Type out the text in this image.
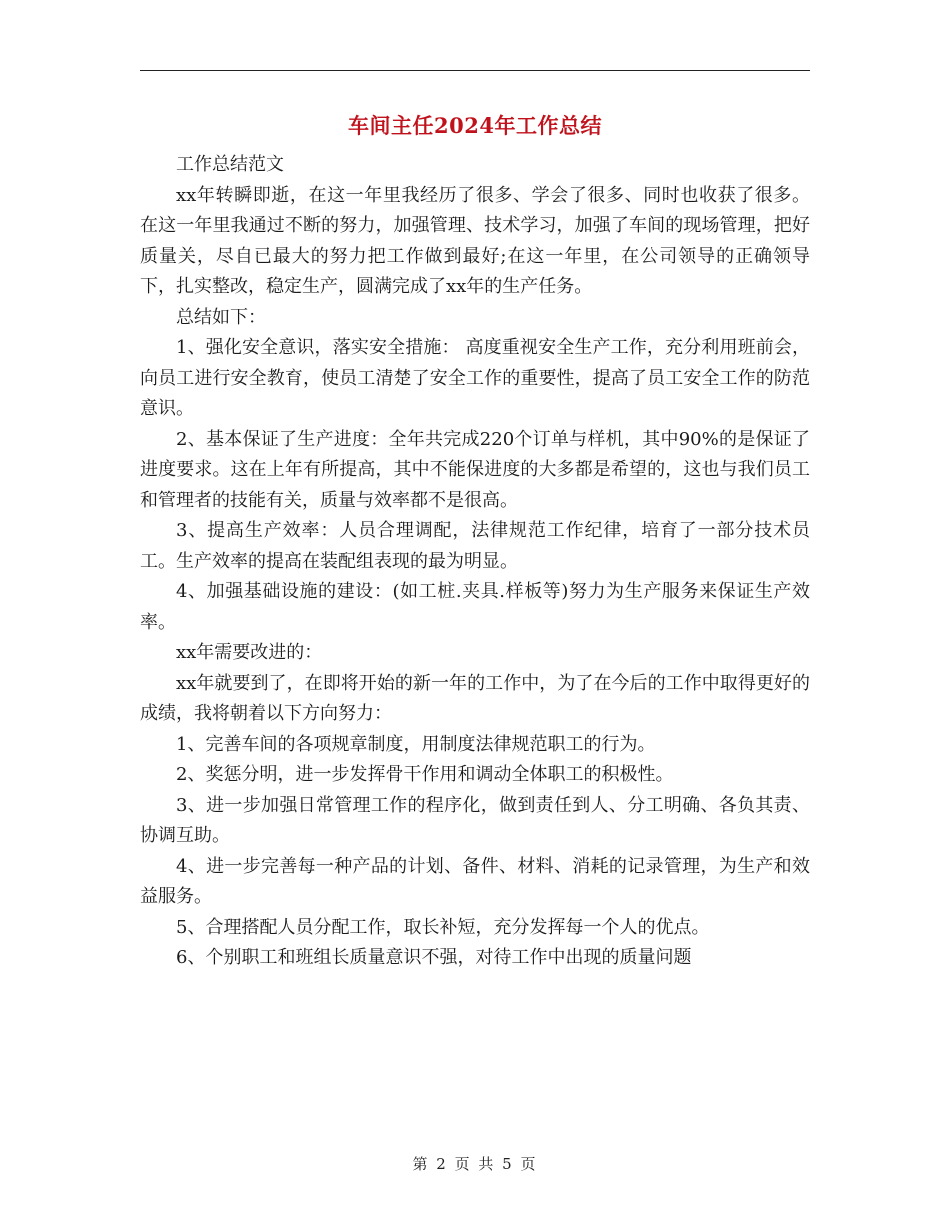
车间主任2024年工作总结

工作总结范文

xx年转瞬即逝，在这一年里我经历了很多、学会了很多、同时也收获了很多。 在这一年里我通过不断的努力，加强管理、技术学习，加强了车间的现场管理，把好质量关，尽自已最大的努力把工作做到最好;在这一年里，在公司领导的正确领导下，扎实整改，稳定生产，圆满完成了xx年的生产任务。

总结如下：

1、强化安全意识，落实安全措施： 高度重视安全生产工作，充分利用班前会，向员工进行安全教育，使员工清楚了安全工作的重要性，提高了员工安全工作的防范意识。

2、基本保证了生产进度：全年共完成220个订单与样机，其中90%的是保证了进度要求。这在上年有所提高，其中不能保进度的大多都是希望的，这也与我们员工和管理者的技能有关，质量与效率都不是很高。

3、提高生产效率：人员合理调配，法律规范工作纪律，培育了一部分技术员工。生产效率的提高在装配组表现的最为明显。

4、加强基础设施的建设：(如工桩.夹具.样板等)努力为生产服务来保证生产效率。

xx年需要改进的：

xx年就要到了，在即将开始的新一年的工作中，为了在今后的工作中取得更好的成绩，我将朝着以下方向努力：

1、完善车间的各项规章制度，用制度法律规范职工的行为。

2、奖惩分明，进一步发挥骨干作用和调动全体职工的积极性。

3、进一步加强日常管理工作的程序化，做到责任到人、分工明确、各负其责、协调互助。

4、进一步完善每一种产品的计划、备件、材料、消耗的记录管理，为生产和效益服务。

5、合理搭配人员分配工作，取长补短，充分发挥每一个人的优点。

6、个别职工和班组长质量意识不强，对待工作中出现的质量问题

第 2 页 共 5 页
